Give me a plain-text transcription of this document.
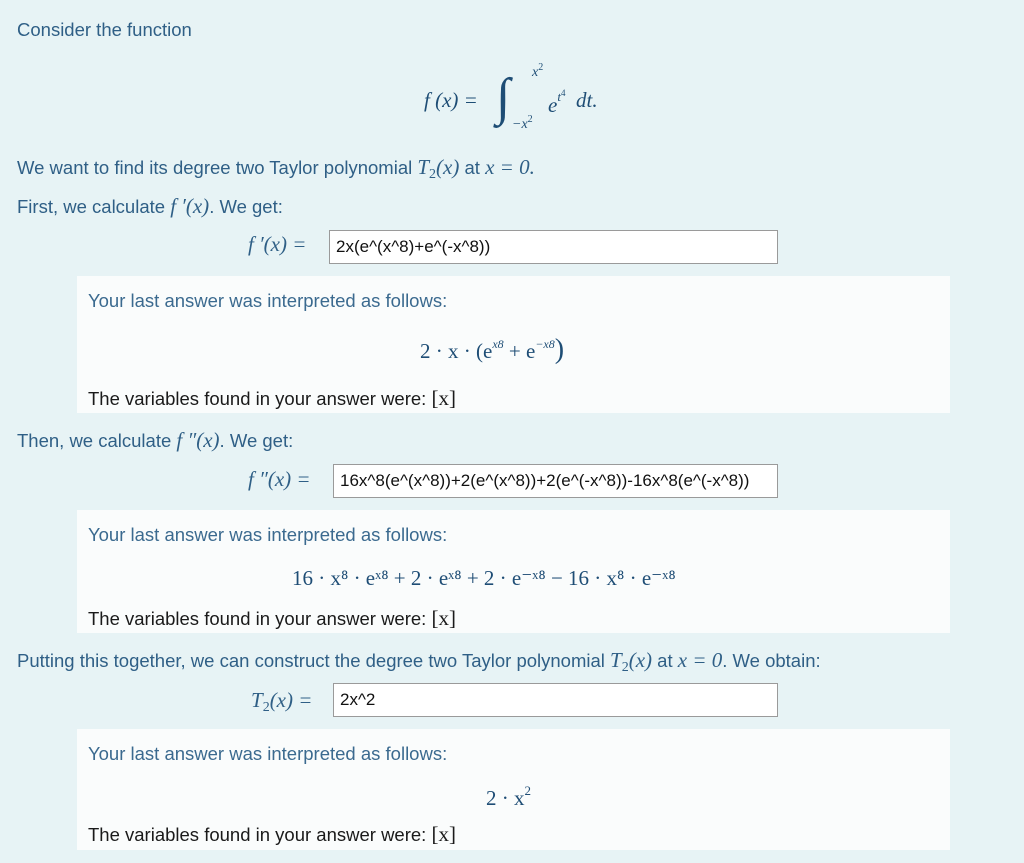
Consider the function
f (x) = ∫ $x^2$
$-x^2$
$e^{t^4}$ dt.
We want to find its degree two Taylor polynomial $T_2(x)$ at x = 0.
First, we calculate f ′(x). We get:
f ′(x) =	2x(e^(x^8)+e^(-x^8))
Your last answer was interpreted as follows:
$2 \cdot x \cdot (e^{x8} + e^{-x8})$
The variables found in your answer were: [x]
Then, we calculate f ″(x). We get:
f ″(x) =	16x^8(e^(x^8))+2(e^(x^8))+2(e^(-x^8))-16x^8(e^(-x^8))
Your last answer was interpreted as follows:
16 · x⁸ · eˣ⁸ + 2 · eˣ⁸ + 2 · e⁻ˣ⁸ − 16 · x⁸ · e⁻ˣ⁸
The variables found in your answer were: [x]
Putting this together, we can construct the degree two Taylor polynomial $T_2(x)$ at x = 0. We obtain:
$T_2(x)$ =	2x^2
Your last answer was interpreted as follows:
$2 \cdot x^2$
The variables found in your answer were: [x]
